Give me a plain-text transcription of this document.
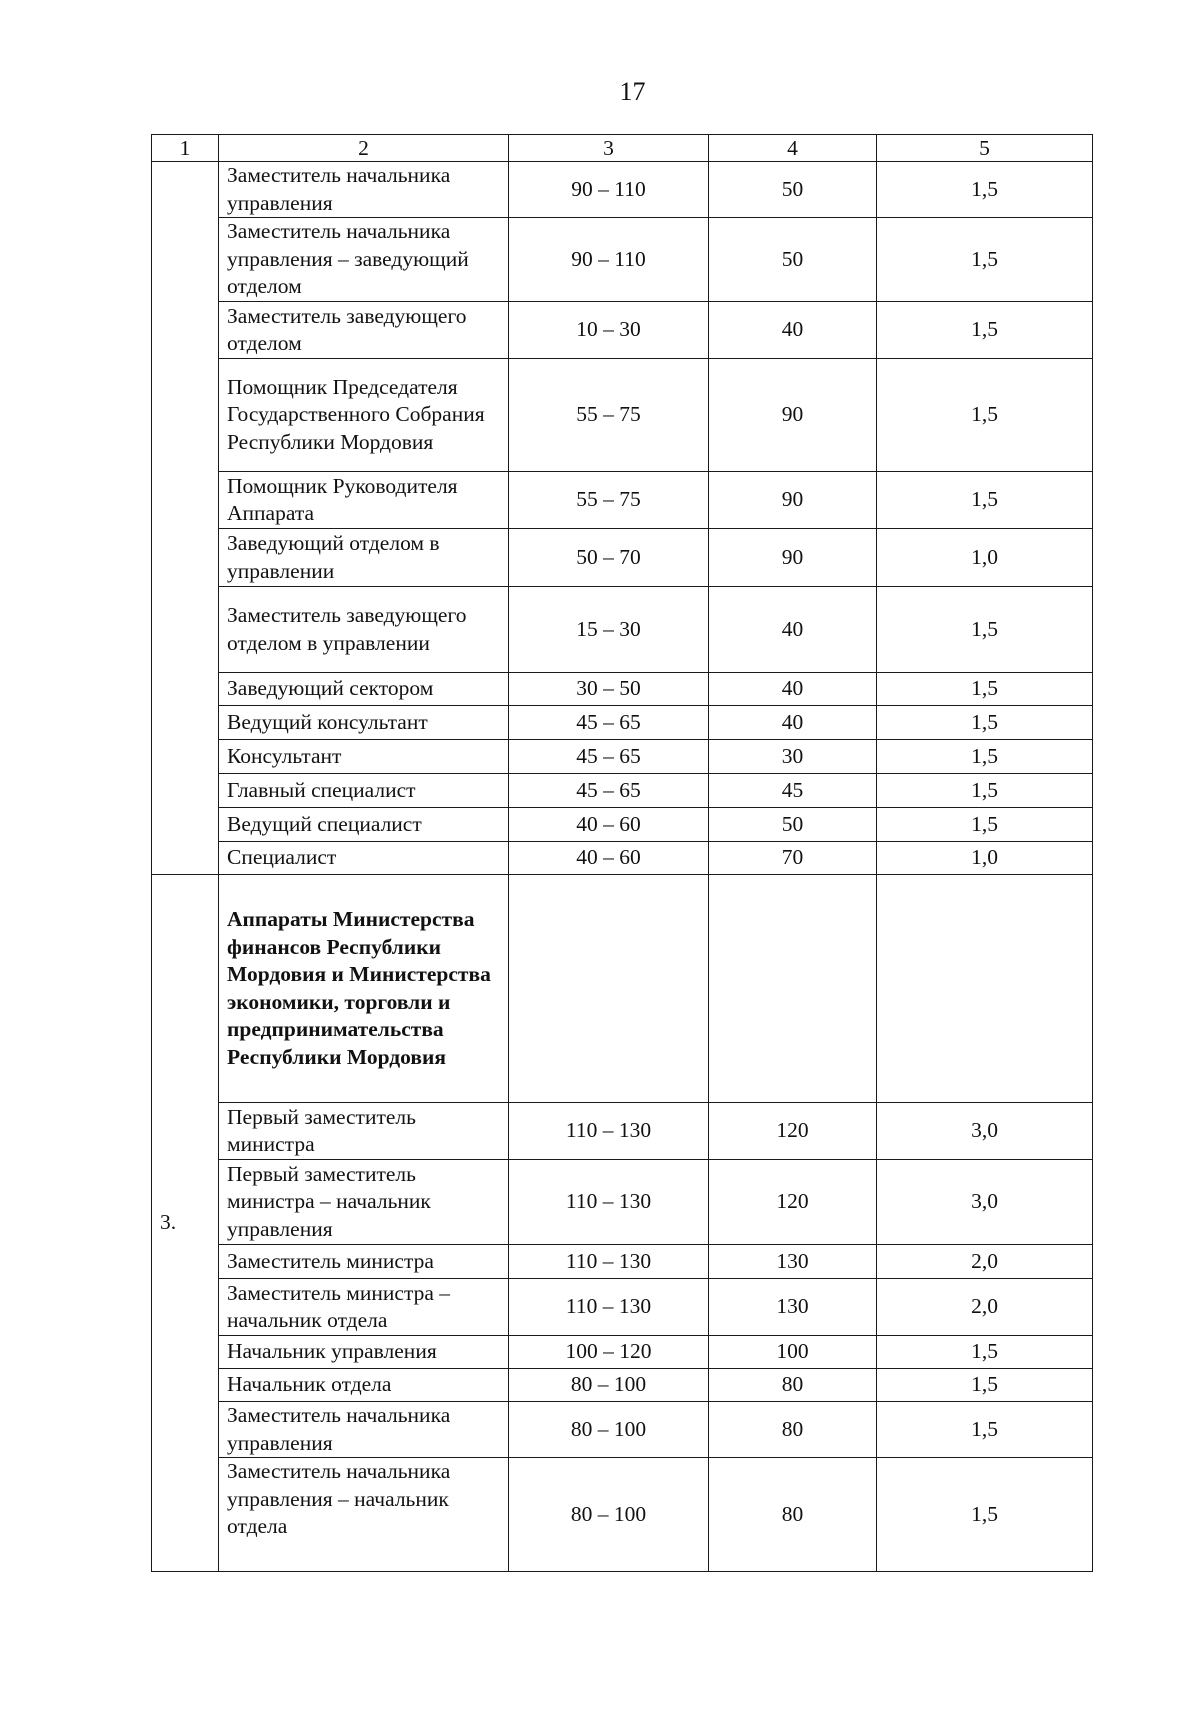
17
1	2	3	4	5
	Заместитель начальника управления	90 – 110	50	1,5
	Заместитель начальника управления – заведующий отделом	90 – 110	50	1,5
	Заместитель заведующего отделом	10 – 30	40	1,5
	Помощник Председателя Государственного Собрания Республики Мордовия	55 – 75	90	1,5
	Помощник Руководителя Аппарата	55 – 75	90	1,5
	Заведующий отделом в управлении	50 – 70	90	1,0
	Заместитель заведующего отделом в управлении	15 – 30	40	1,5
	Заведующий сектором	30 – 50	40	1,5
	Ведущий консультант	45 – 65	40	1,5
	Консультант	45 – 65	30	1,5
	Главный специалист	45 – 65	45	1,5
	Ведущий специалист	40 – 60	50	1,5
	Специалист	40 – 60	70	1,0
3.	Аппараты Министерства финансов Республики Мордовия и Министерства экономики, торговли и предпринимательства Республики Мордовия			
	Первый заместитель министра	110 – 130	120	3,0
	Первый заместитель министра – начальник управления	110 – 130	120	3,0
	Заместитель министра	110 – 130	130	2,0
	Заместитель министра – начальник отдела	110 – 130	130	2,0
	Начальник управления	100 – 120	100	1,5
	Начальник отдела	80 – 100	80	1,5
	Заместитель начальника управления	80 – 100	80	1,5
	Заместитель начальника управления – начальник отдела	80 – 100	80	1,5
